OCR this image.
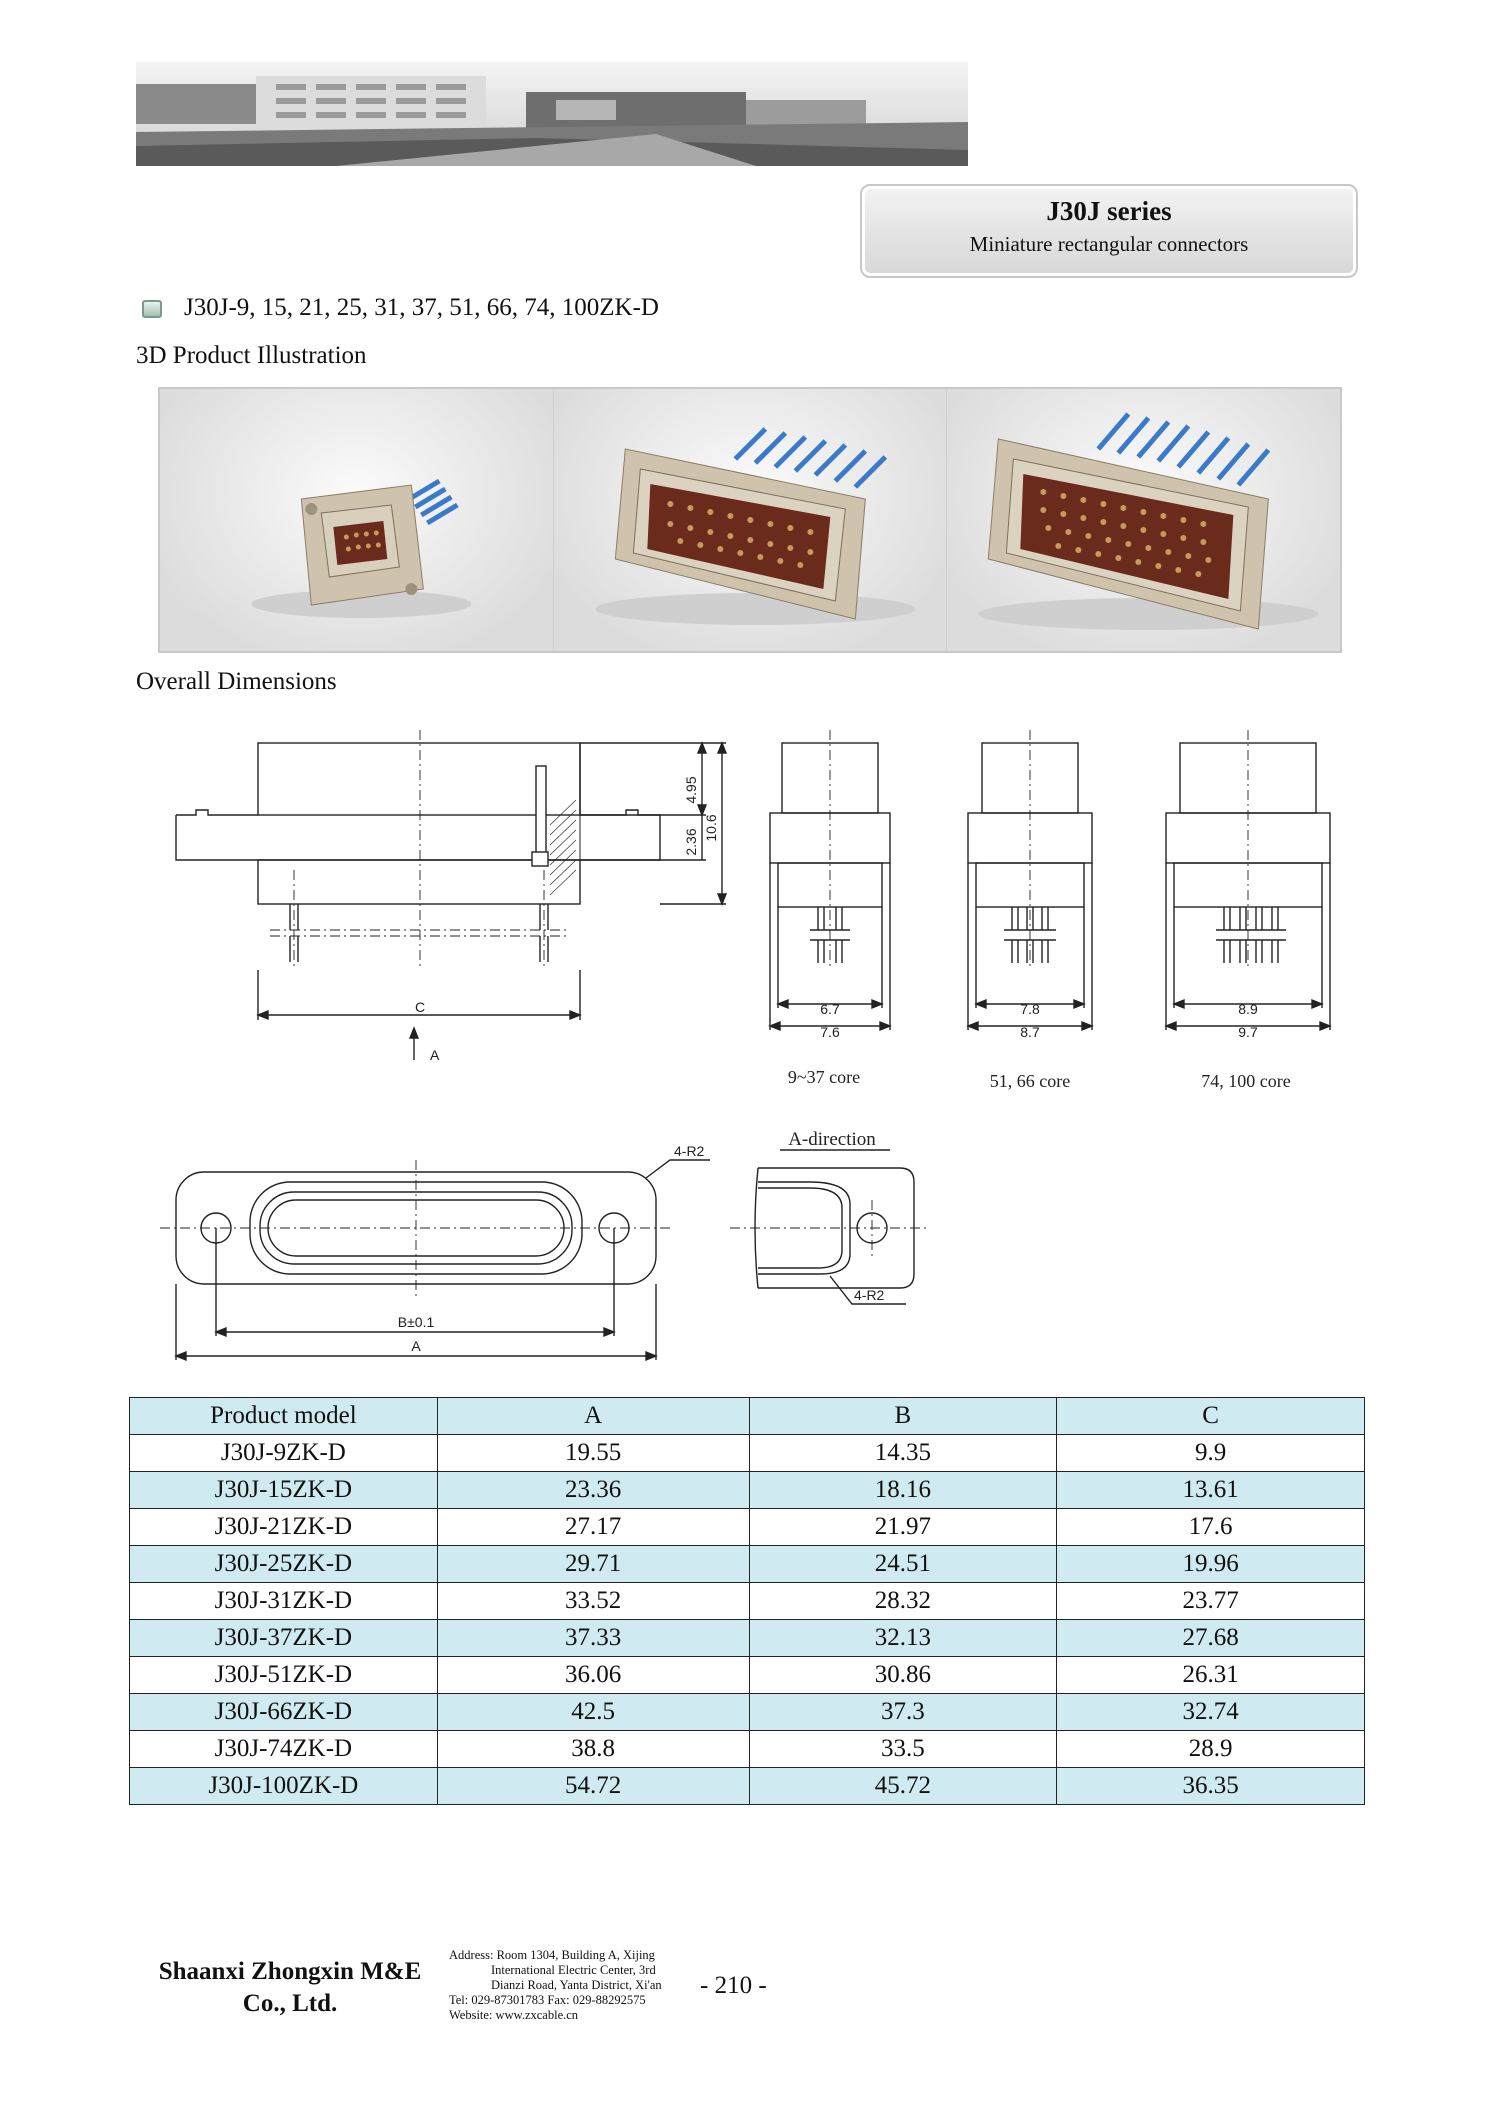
J30J series
Miniature rectangular connectors
J30J-9, 15, 21, 25, 31, 37, 51, 66, 74, 100ZK-D
3D Product Illustration
Overall Dimensions
4.95
2.36
10.6
C
A
6.7
7.6
7.8
8.7
8.9
9.7
9~37 core	51, 66 core	74, 100 core
4-R2
4-R2
B±0.1
A
A-direction
Product model	A	B	C
J30J-9ZK-D	19.55	14.35	9.9
J30J-15ZK-D	23.36	18.16	13.61
J30J-21ZK-D	27.17	21.97	17.6
J30J-25ZK-D	29.71	24.51	19.96
J30J-31ZK-D	33.52	28.32	23.77
J30J-37ZK-D	37.33	32.13	27.68
J30J-51ZK-D	36.06	30.86	26.31
J30J-66ZK-D	42.5	37.3	32.74
J30J-74ZK-D	38.8	33.5	28.9
J30J-100ZK-D	54.72	45.72	36.35
Shaanxi Zhongxin M&E
Co., Ltd.
Address: Room 1304, Building A, Xijing
International Electric Center, 3rd
Dianzi Road, Yanta District, Xi'an
Tel: 029-87301783 Fax: 029-88292575
Website: www.zxcable.cn
- 210 -
